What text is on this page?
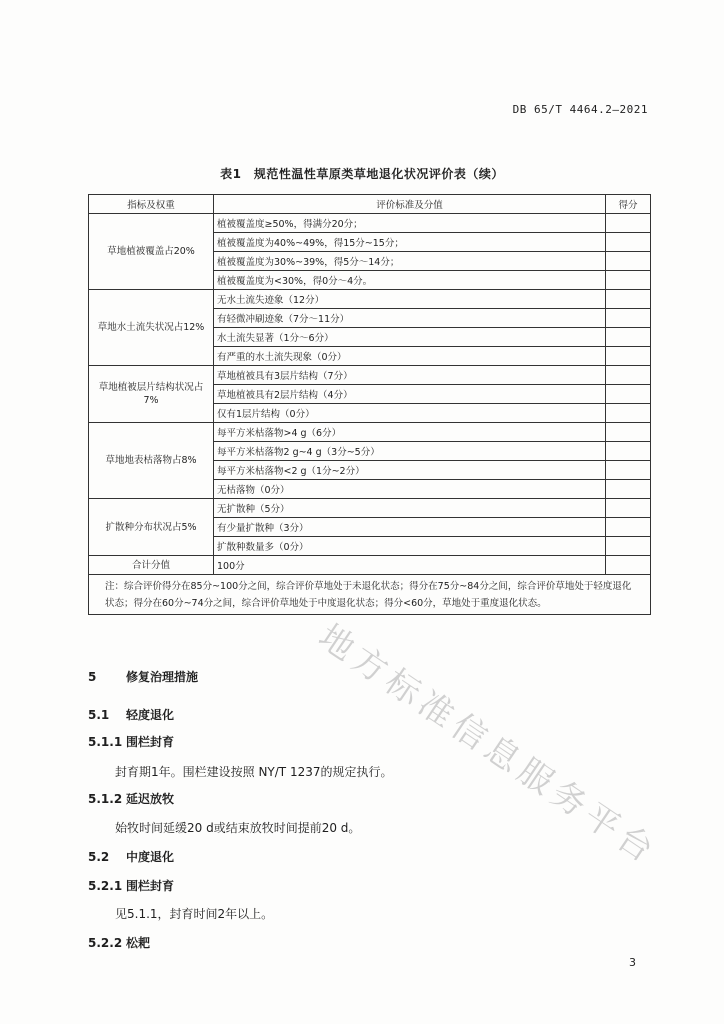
DB 65/T 4464.2—2021
表1　规范性温性草原类草地退化状况评价表（续）
指标及权重	评价标准及分值	得分
草地植被覆盖占20%	植被覆盖度≥50%，得满分20分；	
	植被覆盖度为40%~49%，得15分~15分；	
	植被覆盖度为30%~39%，得5分～14分；	
	植被覆盖度为<30%，得0分～4分。	
草地水土流失状况占12%	无水土流失迹象（12分）	
	有轻微冲刷迹象（7分～11分）	
	水土流失显著（1分～6分）	
	有严重的水土流失现象（0分）	
草地植被层片结构状况占7%	草地植被具有3层片结构（7分）	
	草地植被具有2层片结构（4分）	
	仅有1层片结构（0分）	
草地地表枯落物占8%	每平方米枯落物>4 g（6分）	
	每平方米枯落物2 g~4 g（3分~5分）	
	每平方米枯落物<2 g（1分~2分）	
	无枯落物（0分）	
扩散种分布状况占5%	无扩散种（5分）	
	有少量扩散种（3分）	
	扩散种数量多（0分）	
合计分值	100分	
注：综合评价得分在85分~100分之间，综合评价草地处于未退化状态；得分在75分~84分之间，综合评价草地处于轻度退化状态；得分在60分~74分之间，综合评价草地处于中度退化状态；得分<60分，草地处于重度退化状态。		
地方标准信息服务平台
5 修复治理措施
5.1 轻度退化
5.1.1 围栏封育
封育期1年。围栏建设按照 NY/T 1237的规定执行。
5.1.2 延迟放牧
始牧时间延缓20 d或结束放牧时间提前20 d。
5.2 中度退化
5.2.1 围栏封育
见5.1.1，封育时间2年以上。
5.2.2 松耙
3
